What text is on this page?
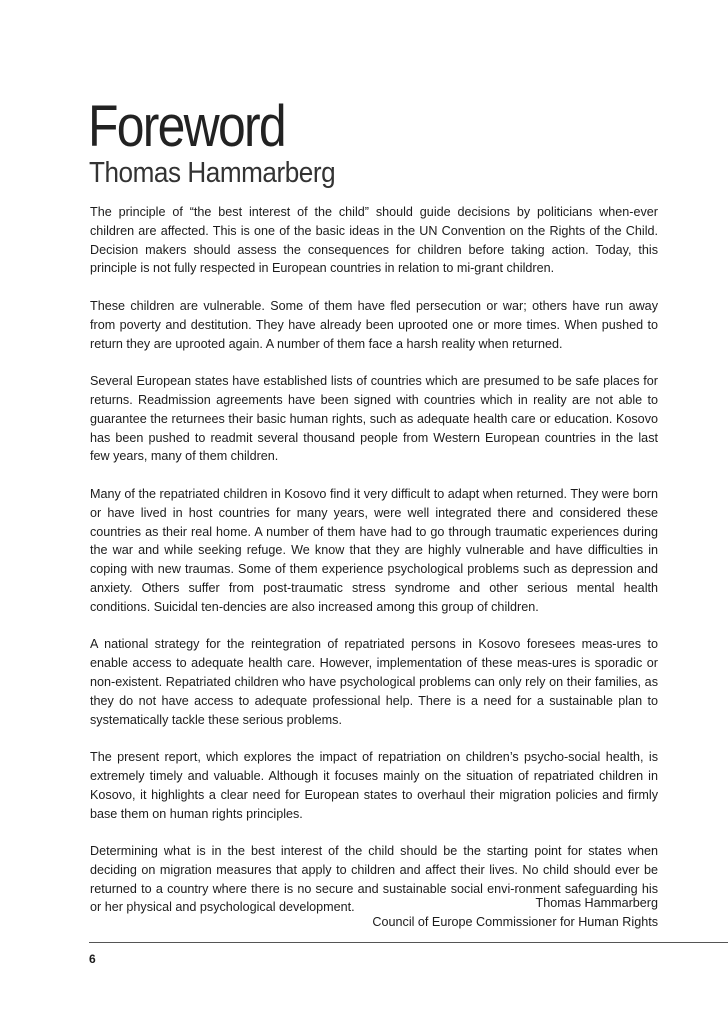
Foreword
Thomas Hammarberg

The principle of “the best interest of the child” should guide decisions by politicians when-ever children are affected. This is one of the basic ideas in the UN Convention on the Rights of the Child. Decision makers should assess the consequences for children before taking action. Today, this principle is not fully respected in European countries in relation to mi-grant children.

These children are vulnerable. Some of them have fled persecution or war; others have run away from poverty and destitution. They have already been uprooted one or more times. When pushed to return they are uprooted again. A number of them face a harsh reality when returned.

Several European states have established lists of countries which are presumed to be safe places for returns. Readmission agreements have been signed with countries which in reality are not able to guarantee the returnees their basic human rights, such as adequate health care or education. Kosovo has been pushed to readmit several thousand people from Western European countries in the last few years, many of them children.

Many of the repatriated children in Kosovo find it very difficult to adapt when returned. They were born or have lived in host countries for many years, were well integrated there and considered these countries as their real home. A number of them have had to go through traumatic experiences during the war and while seeking refuge. We know that they are highly vulnerable and have difficulties in coping with new traumas. Some of them experience psychological problems such as depression and anxiety. Others suffer from post-traumatic stress syndrome and other serious mental health conditions. Suicidal ten-dencies are also increased among this group of children.

A national strategy for the reintegration of repatriated persons in Kosovo foresees meas-ures to enable access to adequate health care. However, implementation of these meas-ures is sporadic or non-existent. Repatriated children who have psychological problems can only rely on their families, as they do not have access to adequate professional help. There is a need for a sustainable plan to systematically tackle these serious problems.

The present report, which explores the impact of repatriation on children’s psycho-social health, is extremely timely and valuable. Although it focuses mainly on the situation of repatriated children in Kosovo, it highlights a clear need for European states to overhaul their migration policies and firmly base them on human rights principles.

Determining what is in the best interest of the child should be the starting point for states when deciding on migration measures that apply to children and affect their lives. No child should ever be returned to a country where there is no secure and sustainable social envi-ronment safeguarding his or her physical and psychological development.	Thomas Hammarberg
Council of Europe Commissioner for Human Rights
6
